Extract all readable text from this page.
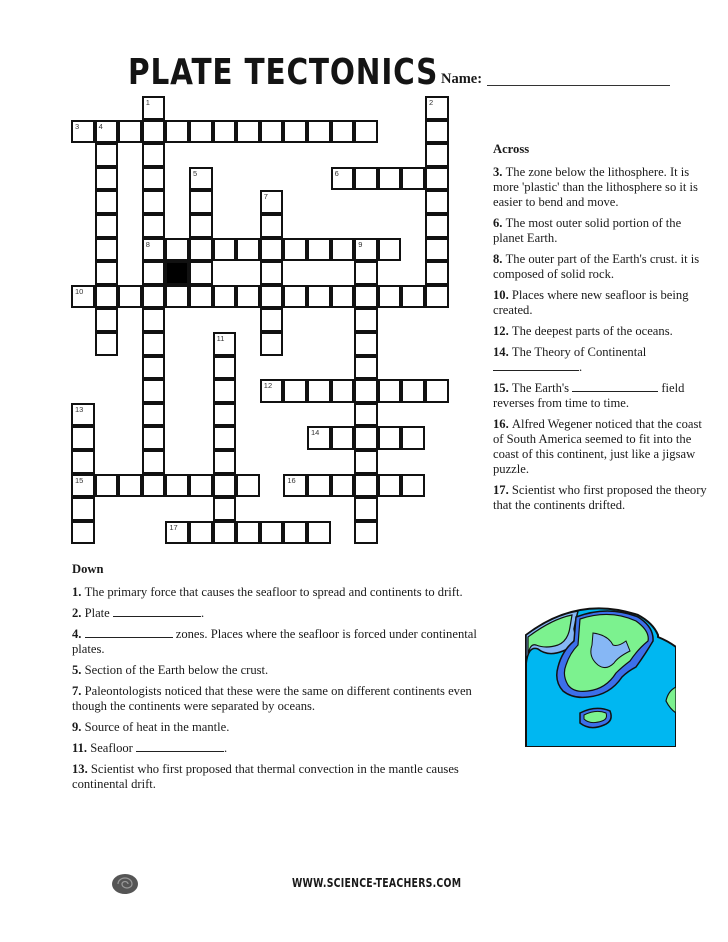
PLATE TECTONICS Name:
1
8
2
3	4
5	6
7
9
10
11
12
13
15
14
16
17
Across
3. The zone below the lithosphere. It is more 'plastic' than the lithosphere so it is easier to bend and move.
6. The most outer solid portion of the planet Earth.
8. The outer part of the Earth's crust. it is composed of solid rock.
10. Places where new seafloor is being created.
12. The deepest parts of the oceans.
14. The Theory of Continental .
15. The Earth's	field reverses from time to time.
16. Alfred Wegener noticed that the coast of South America seemed to fit into the coast of this continent, just like a jigsaw puzzle.
17. Scientist who first proposed the theory that the continents drifted.
Down
1. The primary force that causes the seafloor to spread and continents to drift.
2. Plate	.
4.	zones. Places where the seafloor is forced under continental plates.
5. Section of the Earth below the crust.
7. Paleontologists noticed that these were the same on different continents even though the continents were separated by oceans.
9. Source of heat in the mantle.
11. Seafloor	.
13. Scientist who first proposed that thermal convection in the mantle causes continental drift.
WWW.SCIENCE-TEACHERS.COM
